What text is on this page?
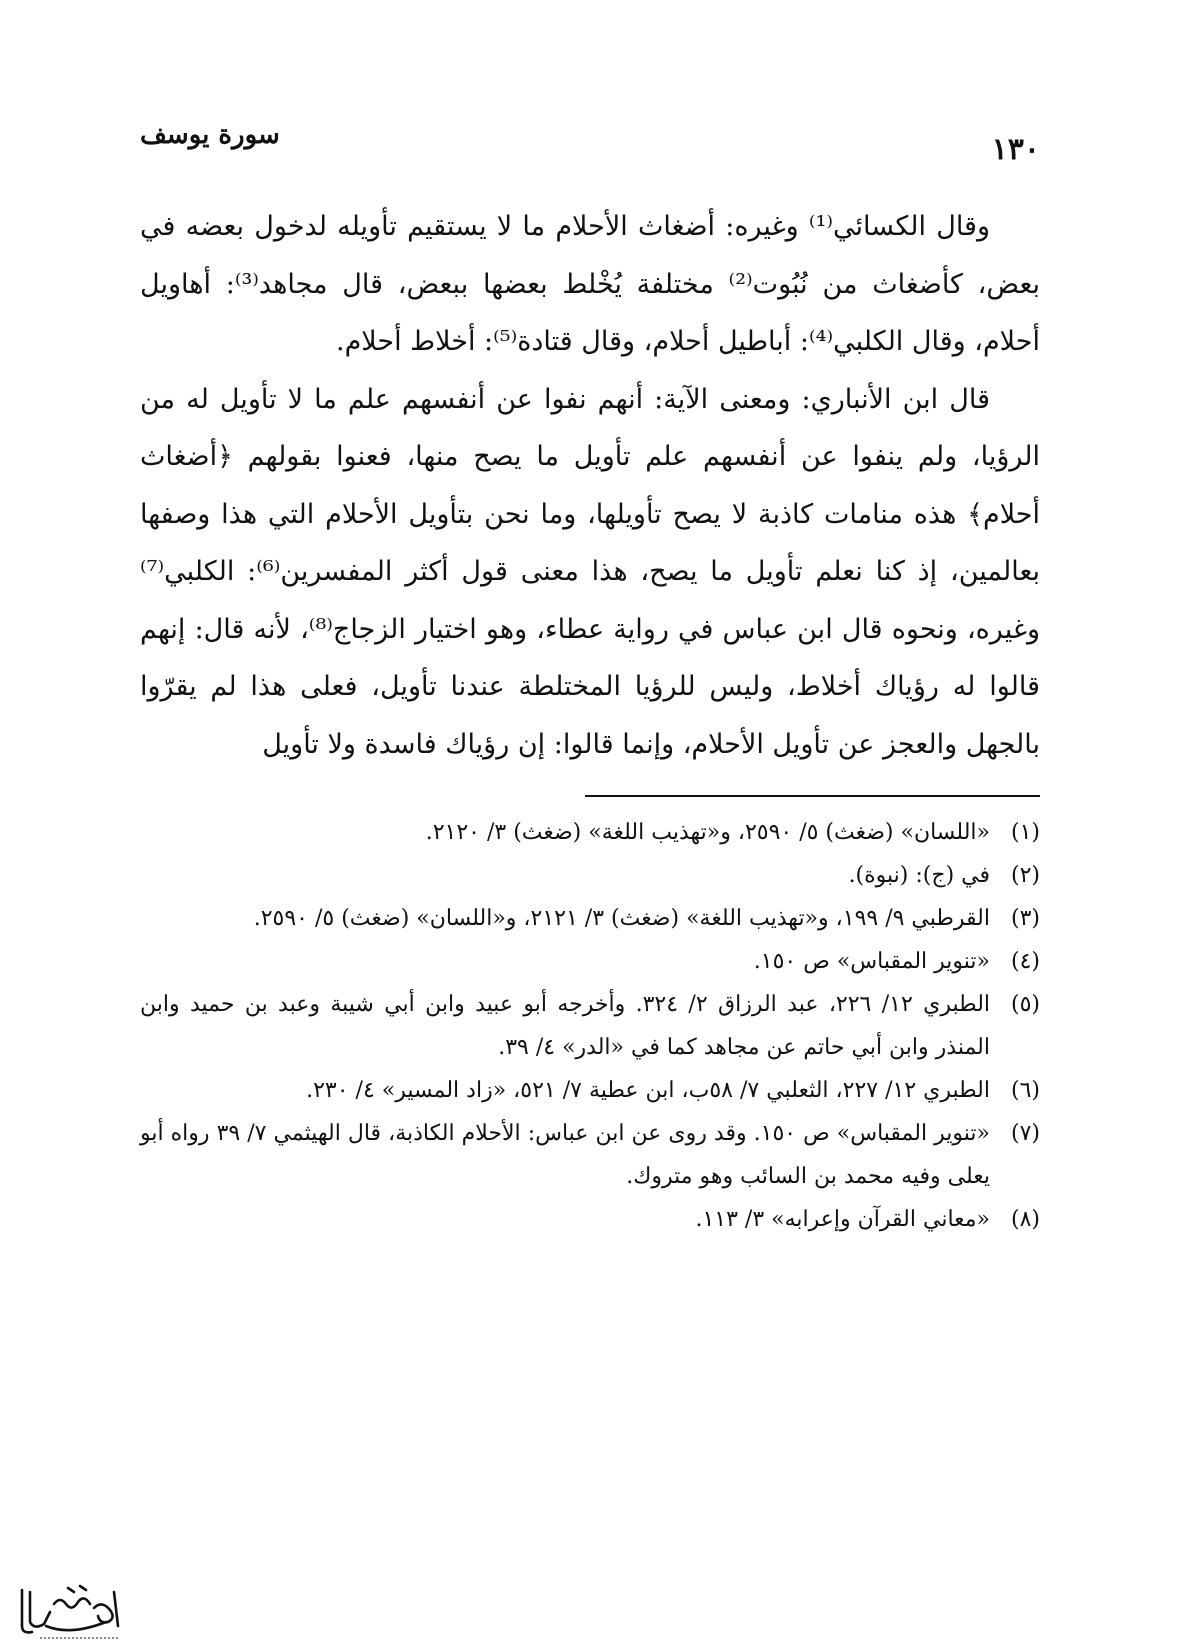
١٣٠
سورة يوسف

وقال الكسائي⁽¹⁾ وغيره: أضغاث الأحلام ما لا يستقيم تأويله لدخول بعضه في بعض، كأضغاث من نُبُوت⁽²⁾ مختلفة يُخْلط بعضها ببعض، قال مجاهد⁽³⁾: أهاويل أحلام، وقال الكلبي⁽⁴⁾: أباطيل أحلام، وقال قتادة⁽⁵⁾: أخلاط أحلام.

قال ابن الأنباري: ومعنى الآية: أنهم نفوا عن أنفسهم علم ما لا تأويل له من الرؤيا، ولم ينفوا عن أنفسهم علم تأويل ما يصح منها، فعنوا بقولهم ﴿أضغاث أحلام﴾ هذه منامات كاذبة لا يصح تأويلها، وما نحن بتأويل الأحلام التي هذا وصفها بعالمين، إذ كنا نعلم تأويل ما يصح، هذا معنى قول أكثر المفسرين⁽⁶⁾: الكلبي⁽⁷⁾ وغيره، ونحوه قال ابن عباس في رواية عطاء، وهو اختيار الزجاج⁽⁸⁾، لأنه قال: إنهم قالوا له رؤياك أخلاط، وليس للرؤيا المختلطة عندنا تأويل، فعلى هذا لم يقرّوا بالجهل والعجز عن تأويل الأحلام، وإنما قالوا: إن رؤياك فاسدة ولا تأويل

(١)
«اللسان» (ضغث) ٥/ ٢٥٩٠، و«تهذيب اللغة» (ضغث) ٣/ ٢١٢٠.
(٢)
في (ج): (نبوة).
(٣)
القرطبي ٩/ ١٩٩، و«تهذيب اللغة» (ضغث) ٣/ ٢١٢١، و«اللسان» (ضغث) ٥/ ٢٥٩٠.
(٤)
«تنوير المقباس» ص ١٥٠.
(٥)
الطبري ١٢/ ٢٢٦، عبد الرزاق ٢/ ٣٢٤. وأخرجه أبو عبيد وابن أبي شيبة وعبد بن حميد وابن المنذر وابن أبي حاتم عن مجاهد كما في «الدر» ٤/ ٣٩.
(٦)
الطبري ١٢/ ٢٢٧، الثعلبي ٧/ ٥٨ب، ابن عطية ٧/ ٥٢١، «زاد المسير» ٤/ ٢٣٠.
(٧)
«تنوير المقباس» ص ١٥٠. وقد روى عن ابن عباس: الأحلام الكاذبة، قال الهيثمي ٧/ ٣٩ رواه أبو يعلى وفيه محمد بن السائب وهو متروك.
(٨)
«معاني القرآن وإعرابه» ٣/ ١١٣.
